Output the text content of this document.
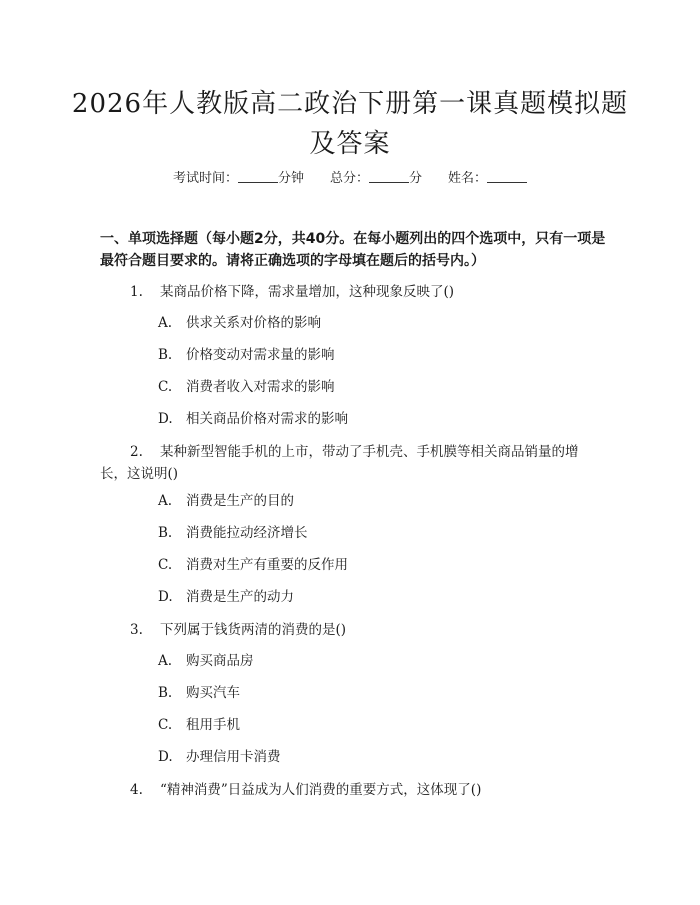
2026年人教版高二政治下册第一课真题模拟题及答案
考试时间：	分钟 总分：	分 姓名：
一、单项选择题（每小题2分，共40分。在每小题列出的四个选项中，只有一项是最符合题目要求的。请将正确选项的字母填在题后的括号内。）
1. 某商品价格下降，需求量增加，这种现象反映了()
A. 供求关系对价格的影响
B. 价格变动对需求量的影响
C. 消费者收入对需求的影响
D. 相关商品价格对需求的影响
2. 某种新型智能手机的上市，带动了手机壳、手机膜等相关商品销量的增长，这说明()
A. 消费是生产的目的
B. 消费能拉动经济增长
C. 消费对生产有重要的反作用
D. 消费是生产的动力
3. 下列属于钱货两清的消费的是()
A. 购买商品房
B. 购买汽车
C. 租用手机
D. 办理信用卡消费
4. “精神消费”日益成为人们消费的重要方式，这体现了()
